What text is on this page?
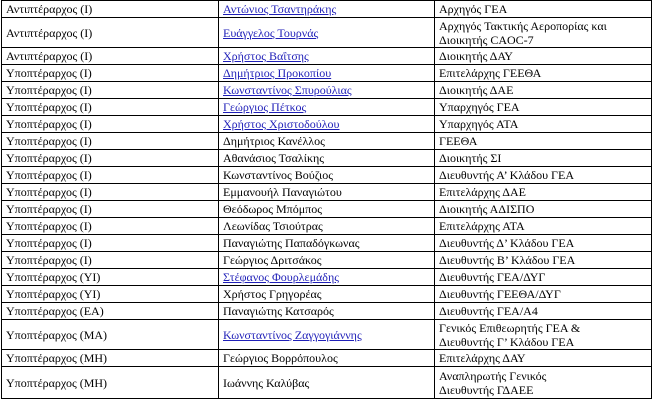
Αντιπτέραρχος (Ι)	Αντώνιος Τσαντηράκης	Αρχηγός ΓΕΑ
Αντιπτέραρχος (Ι)	Ευάγγελος Τουρνάς	Αρχηγός Τακτικής Αεροπορίας και
Διοικητής CAOC-7

Αντιπτέραρχος (Ι)	Χρήστος Βαΐτσης	Διοικητής ΔΑΥ
Υποπτέραρχος (Ι)	Δημήτριος Προκοπίου	Επιτελάρχης ΓΕΕΘΑ
Υποπτέραρχος (Ι)	Κωνσταντίνος Σπυρούλιας	Διοικητής ΔΑΕ
Υποπτέραρχος (Ι)	Γεώργιος Πέτκος	Υπαρχηγός ΓΕΑ
Υποπτέραρχος (Ι)	Χρήστος Χριστοδούλου	Υπαρχηγός ΑΤΑ
Υποπτέραρχος (Ι)	Δημήτριος Κανέλλος	ΓΕΕΘΑ
Υποπτέραρχος (Ι)	Αθανάσιος Τσαλίκης	Διοικητής ΣΙ
Υποπτέραρχος (Ι)	Κωνσταντίνος Βούζιος	Διευθυντής Α’ Κλάδου ΓΕΑ
Υποπτέραρχος (Ι)	Εμμανουήλ Παναγιώτου	Επιτελάρχης ΔΑΕ
Υποπτέραρχος (Ι)	Θεόδωρος Μπόμπος	Διοικητής ΑΔΙΣΠΟ
Υποπτέραρχος (Ι)	Λεωνίδας Τσιούτρας	Επιτελάρχης ΑΤΑ
Υποπτέραρχος (Ι)	Παναγιώτης Παπαδόγκωνας	Διευθυντής Δ’ Κλάδου ΓΕΑ
Υποπτέραρχος (Ι)	Γεώργιος Δριτσάκος	Διευθυντής Β’ Κλάδου ΓΕΑ
Υποπτέραρχος (ΥΙ)	Στέφανος Φουρλεμάδης	Διευθυντής ΓΕΑ/ΔΥΓ
Υποπτέραρχος (ΥΙ)	Χρήστος Γρηγορέας	Διευθυντής ΓΕΕΘΑ/ΔΥΓ
Υποπτέραρχος (ΕΑ)	Παναγιώτης Κατσαρός	Διευθυντής ΓΕΑ/Α4
Υποπτέραρχος (ΜΑ)	Κωνσταντίνος Ζαγγογιάννης	Γενικός Επιθεωρητής ΓΕΑ &
Διευθυντής Γ’ Κλάδου ΓΕΑ

Υποπτέραρχος (ΜΗ)	Γεώργιος Βορρόπουλος	Επιτελάρχης ΔΑΥ
Υποπτέραρχος (ΜΗ)	Ιωάννης Καλύβας	Αναπληρωτής Γενικός
Διευθυντής ΓΔΑΕΕ
